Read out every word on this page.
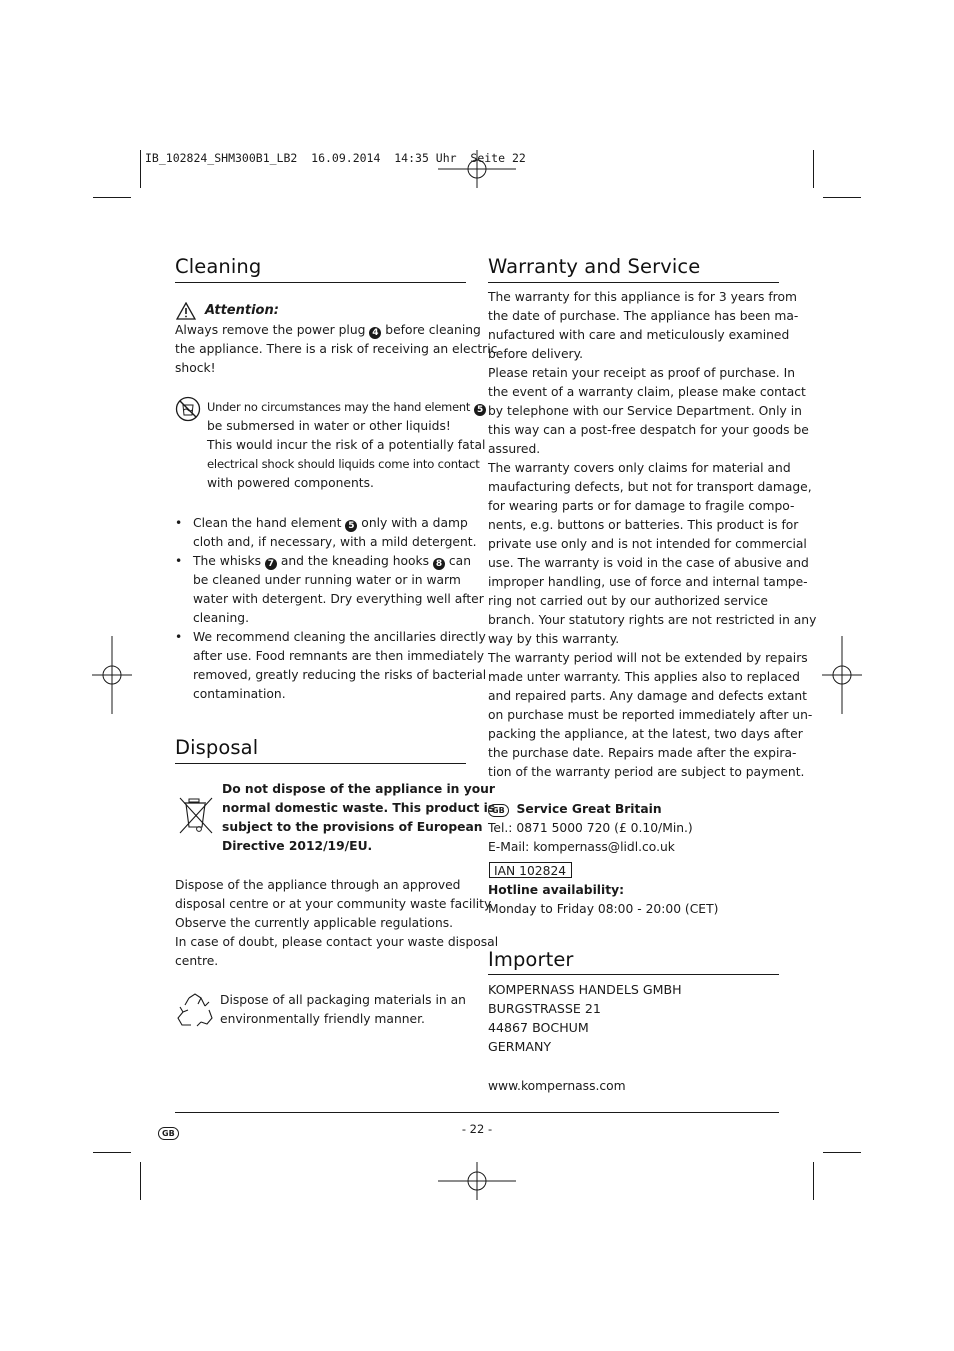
IB_102824_SHM300B1_LB2  16.09.2014  14:35 Uhr  Seite 22
Cleaning
Attention:
Always remove the power plug 4 before cleaning
the appliance. There is a risk of receiving an electric
shock!
Under no circumstances may the hand element 5
be submersed in water or other liquids!
This would incur the risk of a potentially fatal
electrical shock should liquids come into contact
with powered components.
• Clean the hand element 5 only with a damp
cloth and, if necessary, with a mild detergent.
• The whisks 7 and the kneading hooks 8 can
be cleaned under running water or in warm
water with detergent. Dry everything well after
cleaning.
• We recommend cleaning the ancillaries directly
after use. Food remnants are then immediately
removed, greatly reducing the risks of bacterial
contamination.
Disposal
Do not dispose of the appliance in your
normal domestic waste. This product is
subject to the provisions of European
Directive 2012/19/EU.
Dispose of the appliance through an approved
disposal centre or at your community waste facility.
Observe the currently applicable regulations.
In case of doubt, please contact your waste disposal
centre.
Dispose of all packaging materials in an
environmentally friendly manner.
Warranty and Service
The warranty for this appliance is for 3 years from
the date of purchase. The appliance has been ma-
nufactured with care and meticulously examined
before delivery.
Please retain your receipt as proof of purchase. In
the event of a warranty claim, please make contact
by telephone with our Service Department. Only in
this way can a post-free despatch for your goods be
assured.
The warranty covers only claims for material and
maufacturing defects, but not for transport damage,
for wearing parts or for damage to fragile compo-
nents, e.g. buttons or batteries. This product is for
private use only and is not intended for commercial
use. The warranty is void in the case of abusive and
improper handling, use of force and internal tampe-
ring not carried out by our authorized service
branch. Your statutory rights are not restricted in any
way by this warranty.
The warranty period will not be extended by repairs
made unter warranty. This applies also to replaced
and repaired parts. Any damage and defects extant
on purchase must be reported immediately after un-
packing the appliance, at the latest, two days after
the purchase date. Repairs made after the expira-
tion of the warranty period are subject to payment.
GB Service Great Britain
Tel.: 0871 5000 720 (£ 0.10/Min.)
E-Mail: kompernass@lidl.co.uk
IAN 102824
Hotline availability:
Monday to Friday 08:00 - 20:00 (CET)
Importer
KOMPERNASS HANDELS GMBH
BURGSTRASSE 21
44867 BOCHUM
GERMANY
www.kompernass.com
GB	- 22 -
